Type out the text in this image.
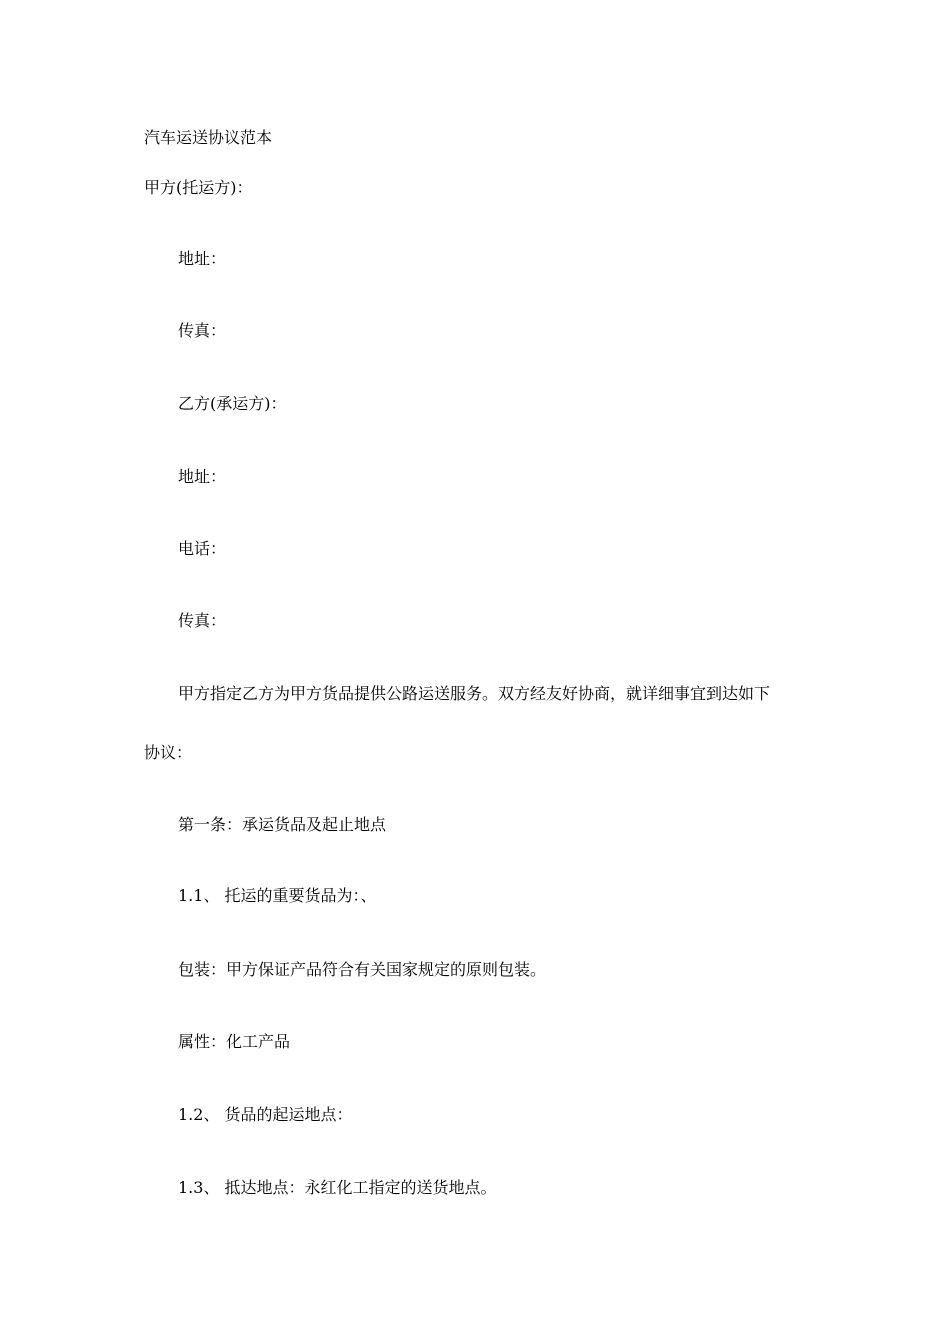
汽车运送协议范本

甲方(托运方)：

地址：

传真：

乙方(承运方)：

地址：

电话：

传真：

甲方指定乙方为甲方货品提供公路运送服务。双方经友好协商，就详细事宜到达如下

协议：

第一条：承运货品及起止地点

1.1、 托运的重要货品为：、

包装：甲方保证产品符合有关国家规定的原则包装。

属性：化工产品

1.2、 货品的起运地点：

1.3、 抵达地点：永红化工指定的送货地点。
